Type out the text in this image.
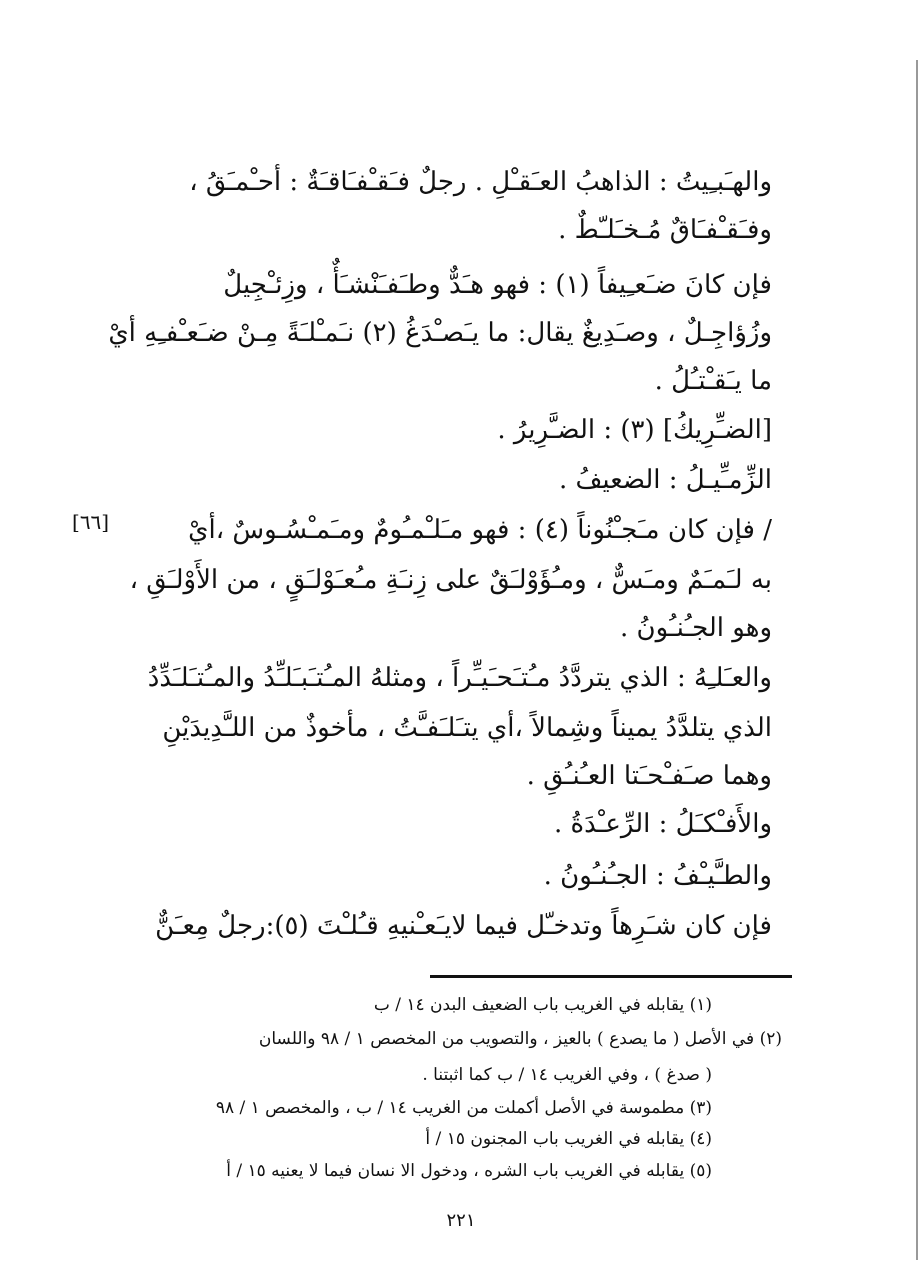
والهـَبـِيتُ : الذاهبُ العـَقـْلِ . رجلٌ فـَقـْفـَاقـَةٌ : أحـْمـَقُ ،
وفـَقـْفـَاقٌ مُـخـَلـّطٌ .
فإن كانَ ضـَعـِيفاً (١) : فهو هـَدٌّ وطـَفـَنْشـَأٌ ، وزِئـْجِيلٌ
وزُؤاجِـلٌ ، وصـَدِيغٌ يقال: ما يـَصـْدَغُ (٢) نـَمـْلـَةً مِـنْ ضـَعـْفـِهِ أيْ
ما يـَقـْتـُلُ .
[الضـِّرِيكُ] (٣) : الضـَّرِيرُ .
الزِّمـِّيـلُ : الضعيفُ .
[٦٦]	/ فإن كان مـَجـْنُوناً (٤) : فهو مـَلـْمـُومٌ ومـَمـْسُـوسٌ ،أيْ
به لـَمـَمٌ ومـَسٌّ ، ومـُؤَوْلـَقٌ على زِنـَةِ مـُعـَوْلـَقٍ ، من الأَوْلـَقِ ،
وهو الجـُنـُونُ .
والعـَلـِهُ : الذي يتردَّدُ مـُتـَحـَيـِّراً ، ومثلهُ المـُتـَبـَلـِّدُ والمـُتـَلـَدِّدُ
الذي يتلدَّدُ يميناً وشِمالاً ،أي يتـَلـَفـَّتُ ، مأخوذٌ من اللـَّدِيدَيْنِ
وهما صـَفـْحـَتا العـُنـُقِ .
والأَفـْكـَلُ : الرِّعـْدَةُ .
والطـَّيـْفُ : الجـُنـُونُ .
فإن كان شـَرِهاً وتدخـّل فيما لايـَعـْنيهِ قـُلـْتَ (٥):رجلٌ مِعـَنٌّ
(١) يقابله في الغريب باب الضعيف البدن ١٤ / ب
(٢) في الأصل ( ما يصدع ) بالعيز ، والتصويب من المخصص ١ / ٩٨ واللسان
( صدغ ) ، وفي الغريب ١٤ / ب كما اثبتنا .
(٣) مطموسة في الأصل أكملت من الغريب ١٤ / ب ، والمخصص ١ / ٩٨
(٤) يقابله في الغريب باب المجنون ١٥ / أ
(٥) يقابله في الغريب باب الشره ، ودخول الا نسان فيما لا يعنيه ١٥ / أ
٢٢١
